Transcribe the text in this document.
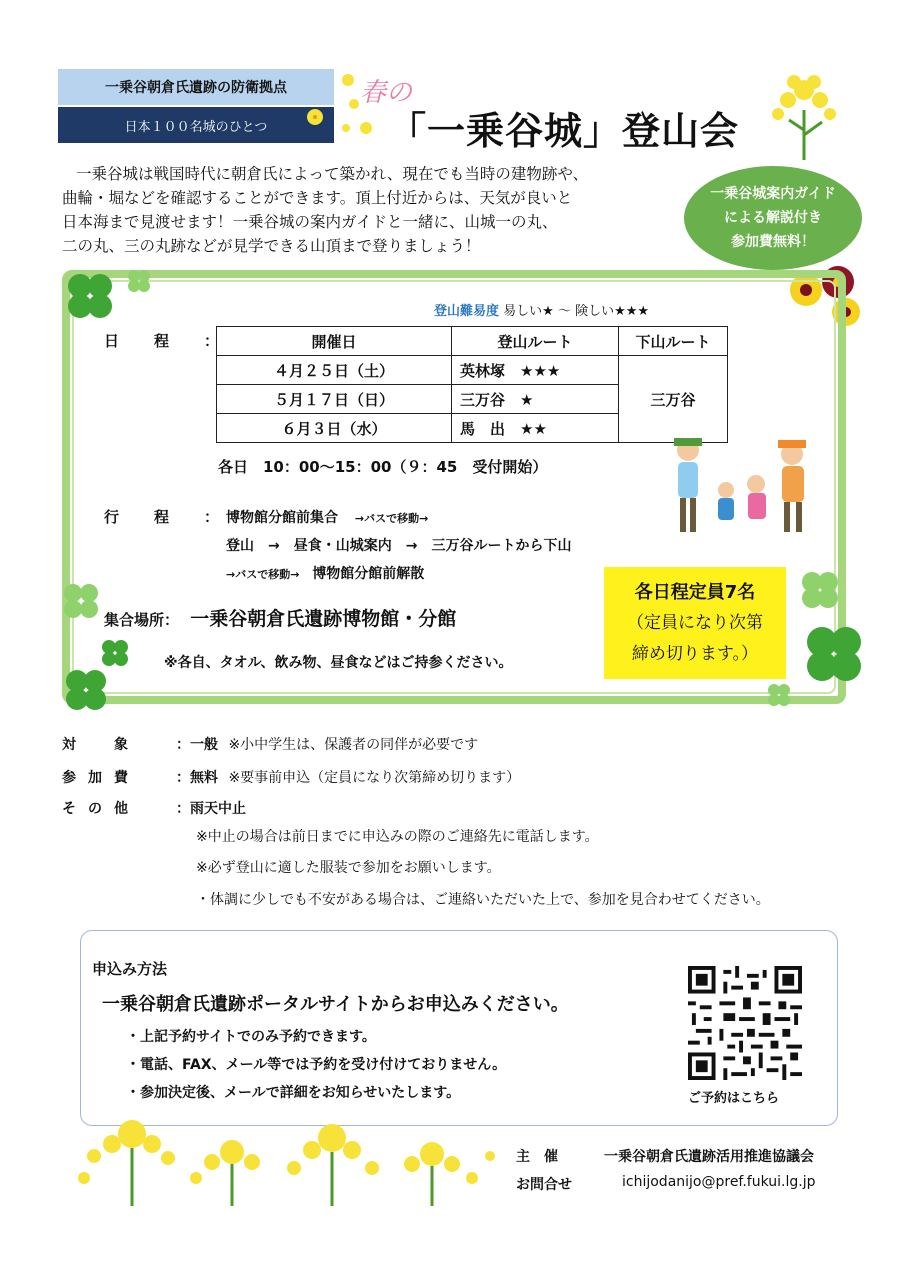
一乗谷朝倉氏遺跡の防衛拠点
日本１００名城のひとつ
春の
「一乗谷城」登山会

一乗谷城は戦国時代に朝倉氏によって築かれ、現在でも当時の建物跡や、

曲輪・堀などを確認することができます。頂上付近からは、天気が良いと

日本海まで見渡せます！一乗谷城の案内ガイドと一緒に、山城一の丸、

二の丸、三の丸跡などが見学できる山頂まで登りましょう！

一乗谷城案内ガイド
による解説付き
参加費無料！
登山難易度 易しい★ ～ 険しい★★★
日　程　：	開催日	登山ルート	下山ルート
４月２５日（土）	英林塚　★★★	三万谷
５月１７日（日）	三万谷　★	
６月３日（水）	馬　出　★★	
各日　10：00～15：00（９：45　受付開始）
行　程　：
博物館分館前集合 →バスで移動→
登山　→　昼食・山城案内　→　三万谷ルートから下山
→バスで移動→ 博物館分館前解散
集合場所： 一乗谷朝倉氏遺跡博物館・分館
※各自、タオル、飲み物、昼食などはご持参ください。
各日程定員7名
（定員になり次第
締め切ります。）
対　象	：一般 ※小中学生は、保護者の同伴が必要です
参加費	：無料 ※要事前申込（定員になり次第締め切ります）
その他	：雨天中止
※中止の場合は前日までに申込みの際のご連絡先に電話します。
※必ず登山に適した服装で参加をお願いします。
・体調に少しでも不安がある場合は、ご連絡いただいた上で、参加を見合わせてください。
申込み方法
一乗谷朝倉氏遺跡ポータルサイトからお申込みください。
・上記予約サイトでのみ予約できます。
・電話、FAX、メール等では予約を受け付けておりません。
・参加決定後、メールで詳細をお知らせいたします。	ご予約はこちら
主　催	一乗谷朝倉氏遺跡活用推進協議会
お問合せ	ichijodanijo@pref.fukui.lg.jp
